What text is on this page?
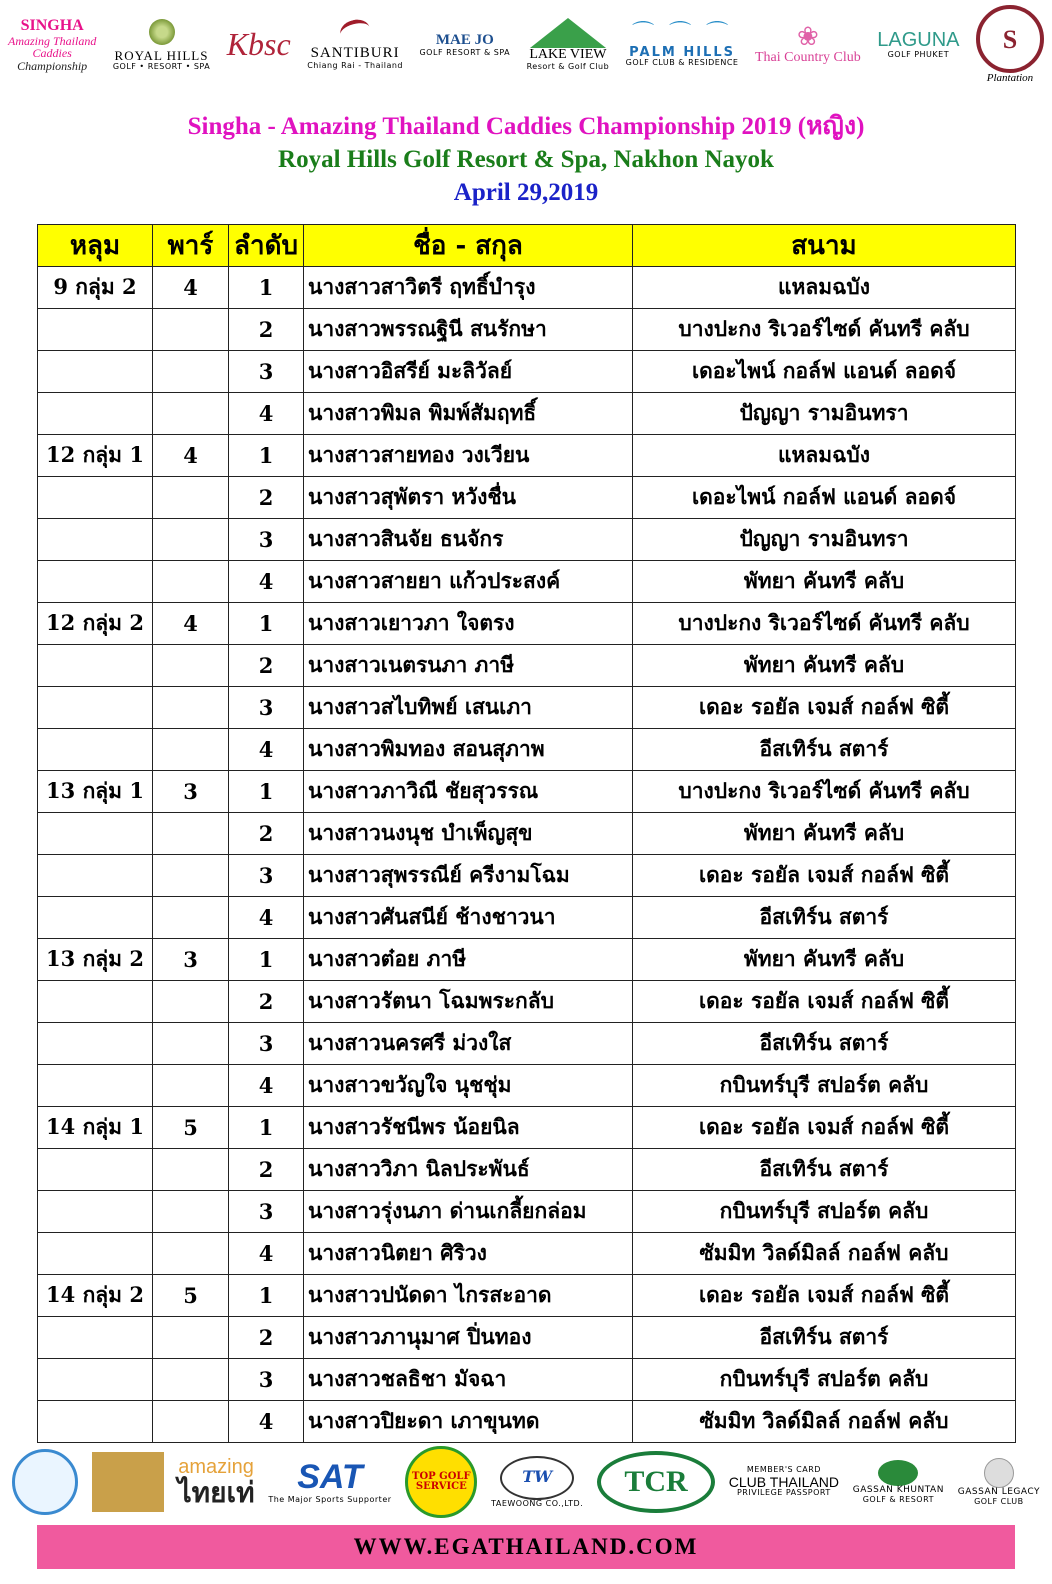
SINGHA
Amazing Thailand
Caddies
Championship
ROYAL HILLS
GOLF • RESORT • SPA
Kbsc SANTIBURI
Chiang Rai - Thailand
MAE JO
GOLF RESORT & SPA LAKE VIEW
Resort & Golf Club
⌒ ⌒ ⌒
PALM HILLS
GOLF CLUB & RESIDENCE
❀
Thai Country Club
LAGUNA
GOLF PHUKET
S
Plantation
Singha - Amazing Thailand Caddies Championship 2019 (หญิง)
Royal Hills Golf Resort & Spa, Nakhon Nayok
April 29,2019
หลุม	พาร์	ลำดับ	ชื่อ - สกุล	สนาม
9 กลุ่ม 2	4	1	นางสาวสาวิตรี ฤทธิ์บำรุง	แหลมฉบัง
		2	นางสาวพรรณฐินี สนรักษา	บางปะกง ริเวอร์ไซด์ คันทรี คลับ
		3	นางสาวอิสรีย์ มะลิวัลย์	เดอะไพน์ กอล์ฟ แอนด์ ลอดจ์
		4	นางสาวพิมล พิมพ์สัมฤทธิ์	ปัญญา รามอินทรา
12 กลุ่ม 1	4	1	นางสาวสายทอง วงเวียน	แหลมฉบัง
		2	นางสาวสุพัตรา หวังชื่น	เดอะไพน์ กอล์ฟ แอนด์ ลอดจ์
		3	นางสาวสินจัย ธนจักร	ปัญญา รามอินทรา
		4	นางสาวสายยา แก้วประสงค์	พัทยา คันทรี คลับ
12 กลุ่ม 2	4	1	นางสาวเยาวภา ใจตรง	บางปะกง ริเวอร์ไซด์ คันทรี คลับ
		2	นางสาวเนตรนภา ภาษี	พัทยา คันทรี คลับ
		3	นางสาวสไบทิพย์ เสนเภา	เดอะ รอยัล เจมส์ กอล์ฟ ซิตี้
		4	นางสาวพิมทอง สอนสุภาพ	อีสเทิร์น สตาร์
13 กลุ่ม 1	3	1	นางสาวภาวิณี ชัยสุวรรณ	บางปะกง ริเวอร์ไซด์ คันทรี คลับ
		2	นางสาวนงนุช บำเพ็ญสุข	พัทยา คันทรี คลับ
		3	นางสาวสุพรรณีย์ ครีงามโฉม	เดอะ รอยัล เจมส์ กอล์ฟ ซิตี้
		4	นางสาวศันสนีย์ ช้างชาวนา	อีสเทิร์น สตาร์
13 กลุ่ม 2	3	1	นางสาวต๋อย ภาษี	พัทยา คันทรี คลับ
		2	นางสาวรัตนา โฉมพระกลับ	เดอะ รอยัล เจมส์ กอล์ฟ ซิตี้
		3	นางสาวนครศรี ม่วงใส	อีสเทิร์น สตาร์
		4	นางสาวขวัญใจ นุชชุ่ม	กบินทร์บุรี สปอร์ต คลับ
14 กลุ่ม 1	5	1	นางสาวรัชนีพร น้อยนิล	เดอะ รอยัล เจมส์ กอล์ฟ ซิตี้
		2	นางสาววิภา นิลประพันธ์	อีสเทิร์น สตาร์
		3	นางสาวรุ่งนภา ด่านเกลี้ยกล่อม	กบินทร์บุรี สปอร์ต คลับ
		4	นางสาวนิตยา ศิริวง	ซัมมิท วิลด์มิลล์ กอล์ฟ คลับ
14 กลุ่ม 2	5	1	นางสาวปนัดดา ไกรสะอาด	เดอะ รอยัล เจมส์ กอล์ฟ ซิตี้
		2	นางสาวภานุมาศ ปิ่นทอง	อีสเทิร์น สตาร์
		3	นางสาวชลธิชา มัจฉา	กบินทร์บุรี สปอร์ต คลับ
		4	นางสาวปิยะดา เภาขุนทด	ซัมมิท วิลด์มิลล์ กอล์ฟ คลับ
amazing
ไทยเท่ SAT
The Major Sports Supporter
TOP GOLF SERVICE
TW
TAEWOONG CO.,LTD.
TCR	MEMBER'S CARD
CLUB THAILAND
PRIVILEGE PASSPORT GASSAN KHUNTAN
GOLF & RESORT
GASSAN LEGACY
GOLF CLUB
WWW.EGATHAILAND.COM
